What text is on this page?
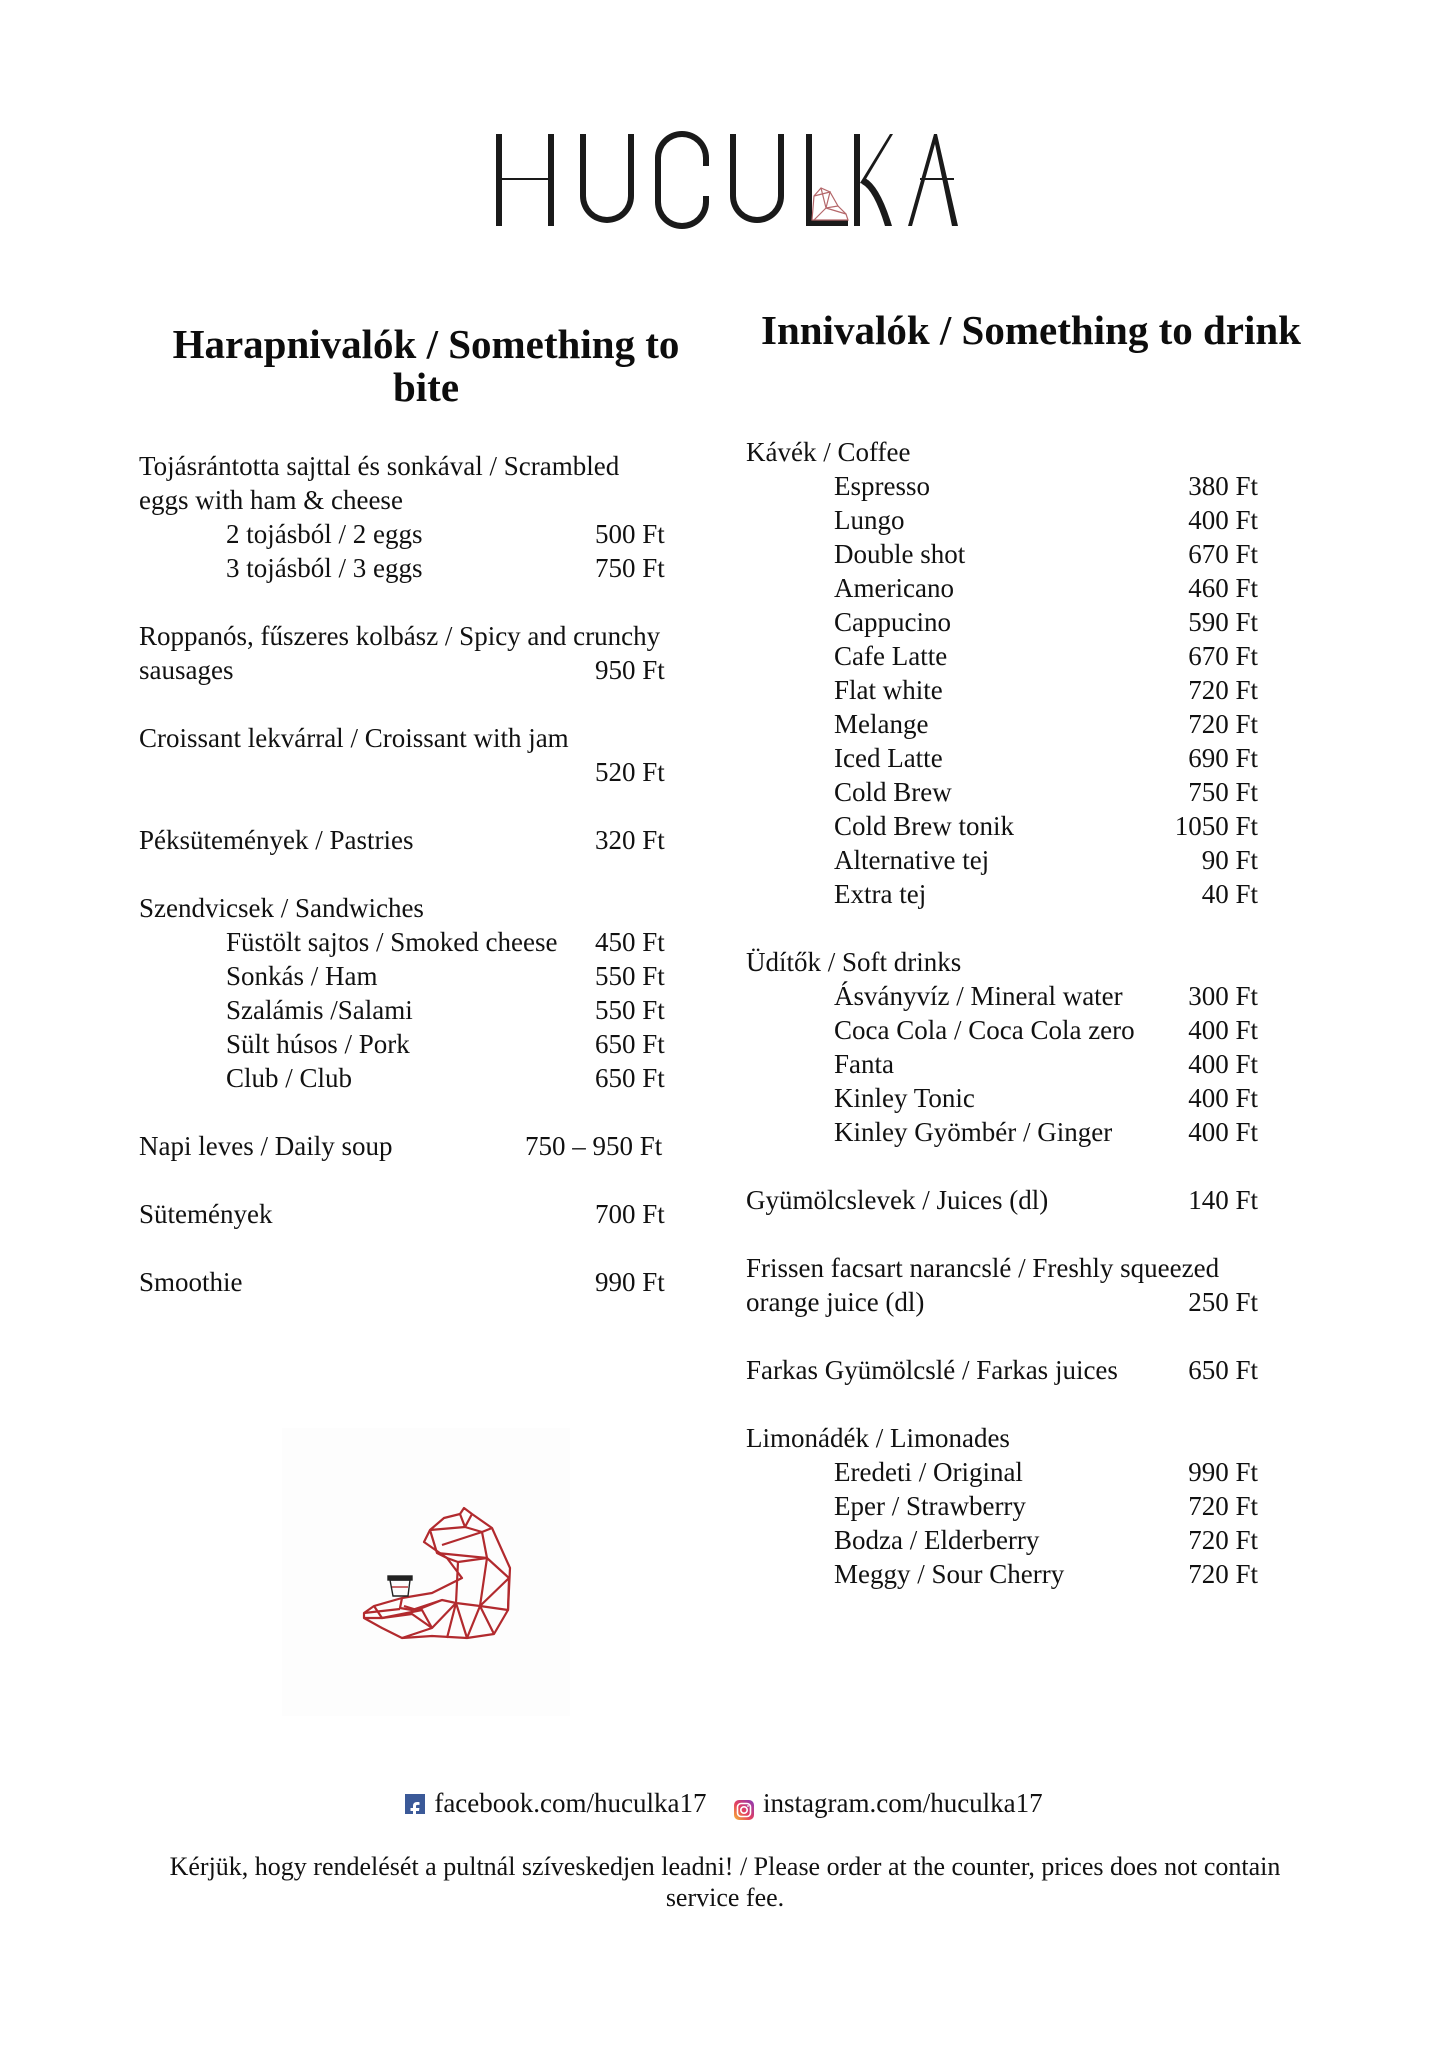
Harapnivalók / Something to bite
Innivalók / Something to drink
Tojásrántotta sajttal és sonkával / Scrambled
eggs with ham & cheese
2 tojásból / 2 eggs	500 Ft
3 tojásból / 3 eggs	750 Ft
Roppanós, fűszeres kolbász / Spicy and crunchy
sausages	950 Ft
Croissant lekvárral / Croissant with jam
520 Ft
Péksütemények / Pastries	320 Ft
Szendvicsek / Sandwiches
Füstölt sajtos / Smoked cheese 450 Ft
Sonkás / Ham	550 Ft
Szalámis /Salami	550 Ft
Sült húsos / Pork	650 Ft
Club / Club	650 Ft
Napi leves / Daily soup	750 – 950 Ft
Sütemények	700 Ft
Smoothie	990 Ft
Kávék / Coffee
Espresso	380 Ft
Lungo	400 Ft
Double shot	670 Ft
Americano	460 Ft
Cappucino	590 Ft
Cafe Latte	670 Ft
Flat white	720 Ft
Melange	720 Ft
Iced Latte	690 Ft
Cold Brew	750 Ft
Cold Brew tonik	1050 Ft
Alternative tej	90 Ft
Extra tej	40 Ft
Üdítők / Soft drinks
Ásványvíz / Mineral water 300 Ft
Coca Cola / Coca Cola zero 400 Ft
Fanta	400 Ft
Kinley Tonic	400 Ft
Kinley Gyömbér / Ginger	400 Ft
Gyümölcslevek / Juices (dl)	140 Ft
Frissen facsart narancslé / Freshly squeezed
orange juice (dl)	250 Ft
Farkas Gyümölcslé / Farkas juices	650 Ft
Limonádék / Limonades
Eredeti / Original	990 Ft
Eper / Strawberry	720 Ft
Bodza / Elderberry	720 Ft
Meggy / Sour Cherry	720 Ft
facebook.com/huculka17
instagram.com/huculka17
Kérjük, hogy rendelését a pultnál szíveskedjen leadni! / Please order at the counter, prices does not contain service fee.
